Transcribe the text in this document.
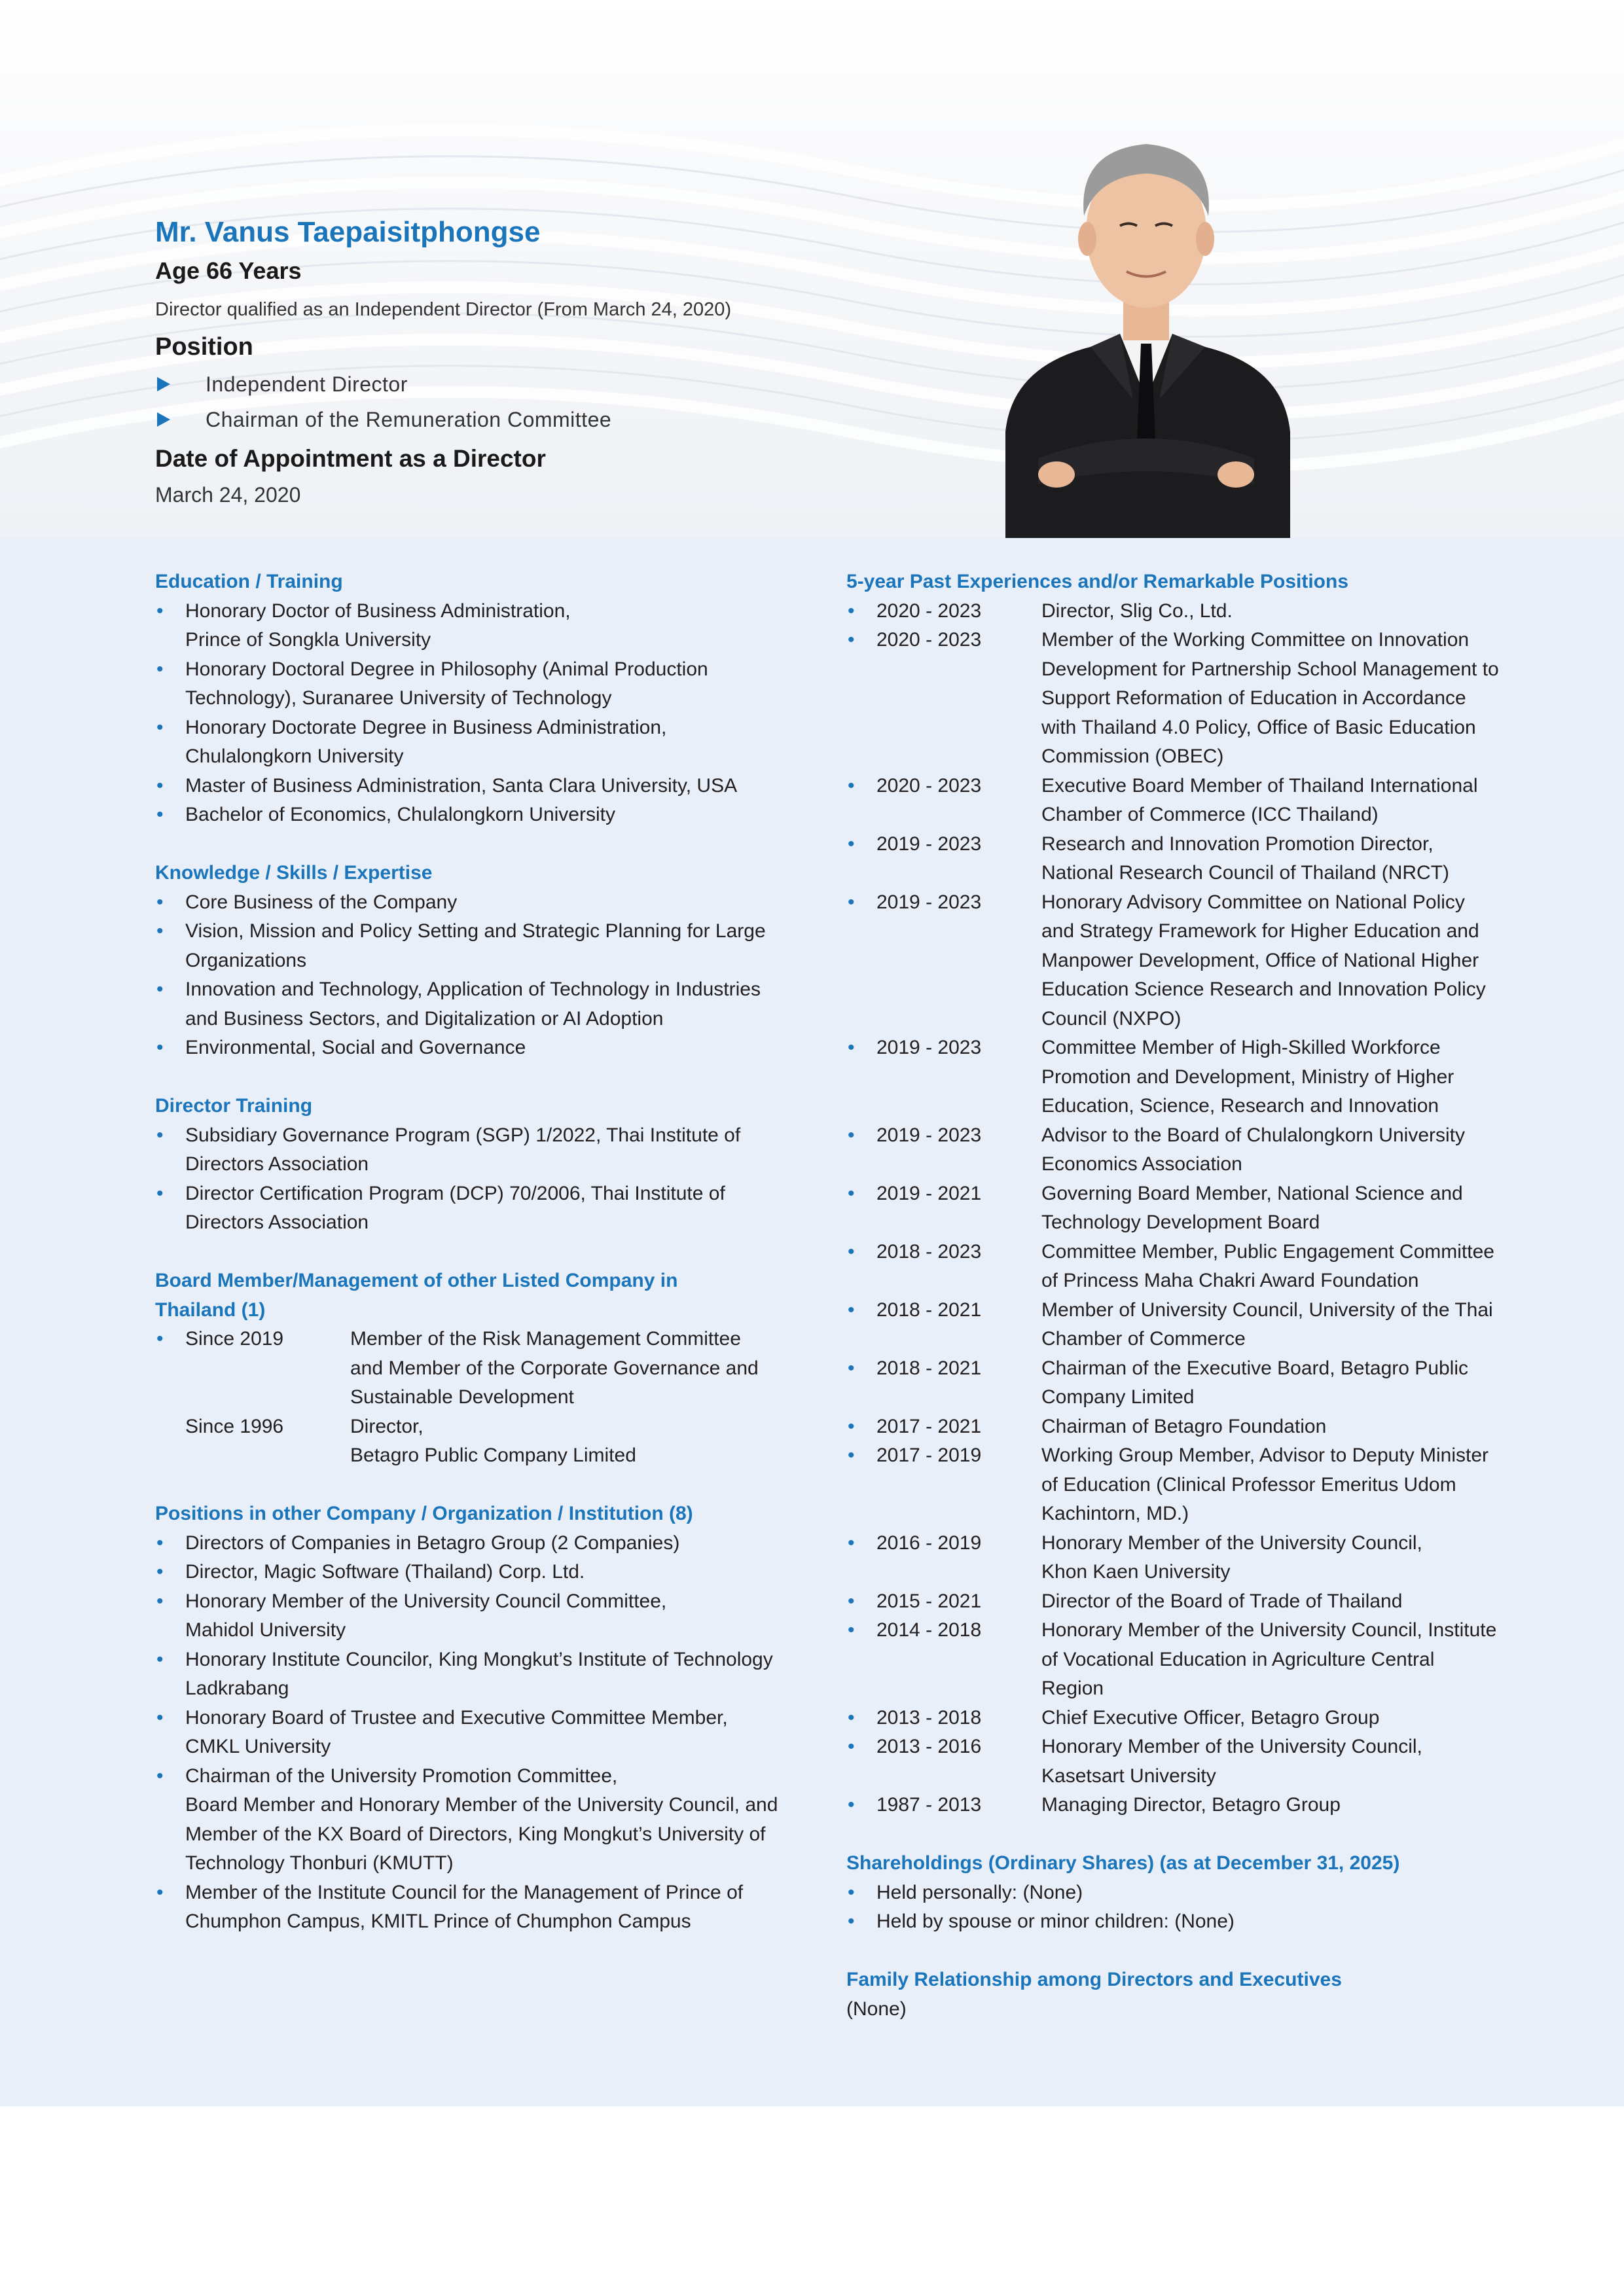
Mr. Vanus Taepaisitphongse
Age 66 Years
Director qualified as an Independent Director (From March 24, 2020)
Position
Independent Director
Chairman of the Remuneration Committee
Date of Appointment as a Director
March 24, 2020
Education / Training
• Honorary Doctor of Business Administration,
Prince of Songkla University
• Honorary Doctoral Degree in Philosophy (Animal Production Technology), Suranaree University of Technology
• Honorary Doctorate Degree in Business Administration, Chulalongkorn University
• Master of Business Administration, Santa Clara University, USA
• Bachelor of Economics, Chulalongkorn University
Knowledge / Skills / Expertise
• Core Business of the Company
• Vision, Mission and Policy Setting and Strategic Planning for Large Organizations
• Innovation and Technology, Application of Technology in Industries and Business Sectors, and Digitalization or AI Adoption
• Environmental, Social and Governance
Director Training
• Subsidiary Governance Program (SGP) 1/2022, Thai Institute of Directors Association
• Director Certification Program (DCP) 70/2006, Thai Institute of Directors Association
Board Member/Management of other Listed Company in Thailand (1)
•	Since 2019	Member of the Risk Management Committee and Member of the Corporate Governance and Sustainable Development
Since 1996	Director,
Betagro Public Company Limited
Positions in other Company / Organization / Institution (8)
• Directors of Companies in Betagro Group (2 Companies)
• Director, Magic Software (Thailand) Corp. Ltd.
• Honorary Member of the University Council Committee,
Mahidol University
• Honorary Institute Councilor, King Mongkut’s Institute of Technology Ladkrabang
• Honorary Board of Trustee and Executive Committee Member, CMKL University
• Chairman of the University Promotion Committee,
Board Member and Honorary Member of the University Council, and Member of the KX Board of Directors, King Mongkut’s University of Technology Thonburi (KMUTT)
• Member of the Institute Council for the Management of Prince of Chumphon Campus, KMITL Prince of Chumphon Campus
5-year Past Experiences and/or Remarkable Positions
•	2020 - 2023	Director, Slig Co., Ltd.
•	2020 - 2023	Member of the Working Committee on Innovation Development for Partnership School Management to Support Reformation of Education in Accordance with Thailand 4.0 Policy, Office of Basic Education Commission (OBEC)
•	2020 - 2023	Executive Board Member of Thailand International Chamber of Commerce (ICC Thailand)
•	2019 - 2023	Research and Innovation Promotion Director, National Research Council of Thailand (NRCT)
•	2019 - 2023	Honorary Advisory Committee on National Policy and Strategy Framework for Higher Education and Manpower Development, Office of National Higher Education Science Research and Innovation Policy Council (NXPO)
•	2019 - 2023	Committee Member of High-Skilled Workforce Promotion and Development, Ministry of Higher Education, Science, Research and Innovation
•	2019 - 2023	Advisor to the Board of Chulalongkorn University Economics Association
•	2019 - 2021	Governing Board Member, National Science and Technology Development Board
•	2018 - 2023	Committee Member, Public Engagement Committee of Princess Maha Chakri Award Foundation
•	2018 - 2021	Member of University Council, University of the Thai Chamber of Commerce
•	2018 - 2021	Chairman of the Executive Board, Betagro Public Company Limited
•	2017 - 2021	Chairman of Betagro Foundation
•	2017 - 2019	Working Group Member, Advisor to Deputy Minister of Education (Clinical Professor Emeritus Udom Kachintorn, MD.)
•	2016 - 2019	Honorary Member of the University Council,
Khon Kaen University
•	2015 - 2021	Director of the Board of Trade of Thailand
•	2014 - 2018	Honorary Member of the University Council, Institute of Vocational Education in Agriculture Central Region
•	2013 - 2018	Chief Executive Officer, Betagro Group
•	2013 - 2016	Honorary Member of the University Council,
Kasetsart University
•	1987 - 2013	Managing Director, Betagro Group
Shareholdings (Ordinary Shares) (as at December 31, 2025)
• Held personally: (None)
• Held by spouse or minor children: (None)
Family Relationship among Directors and Executives
(None)
